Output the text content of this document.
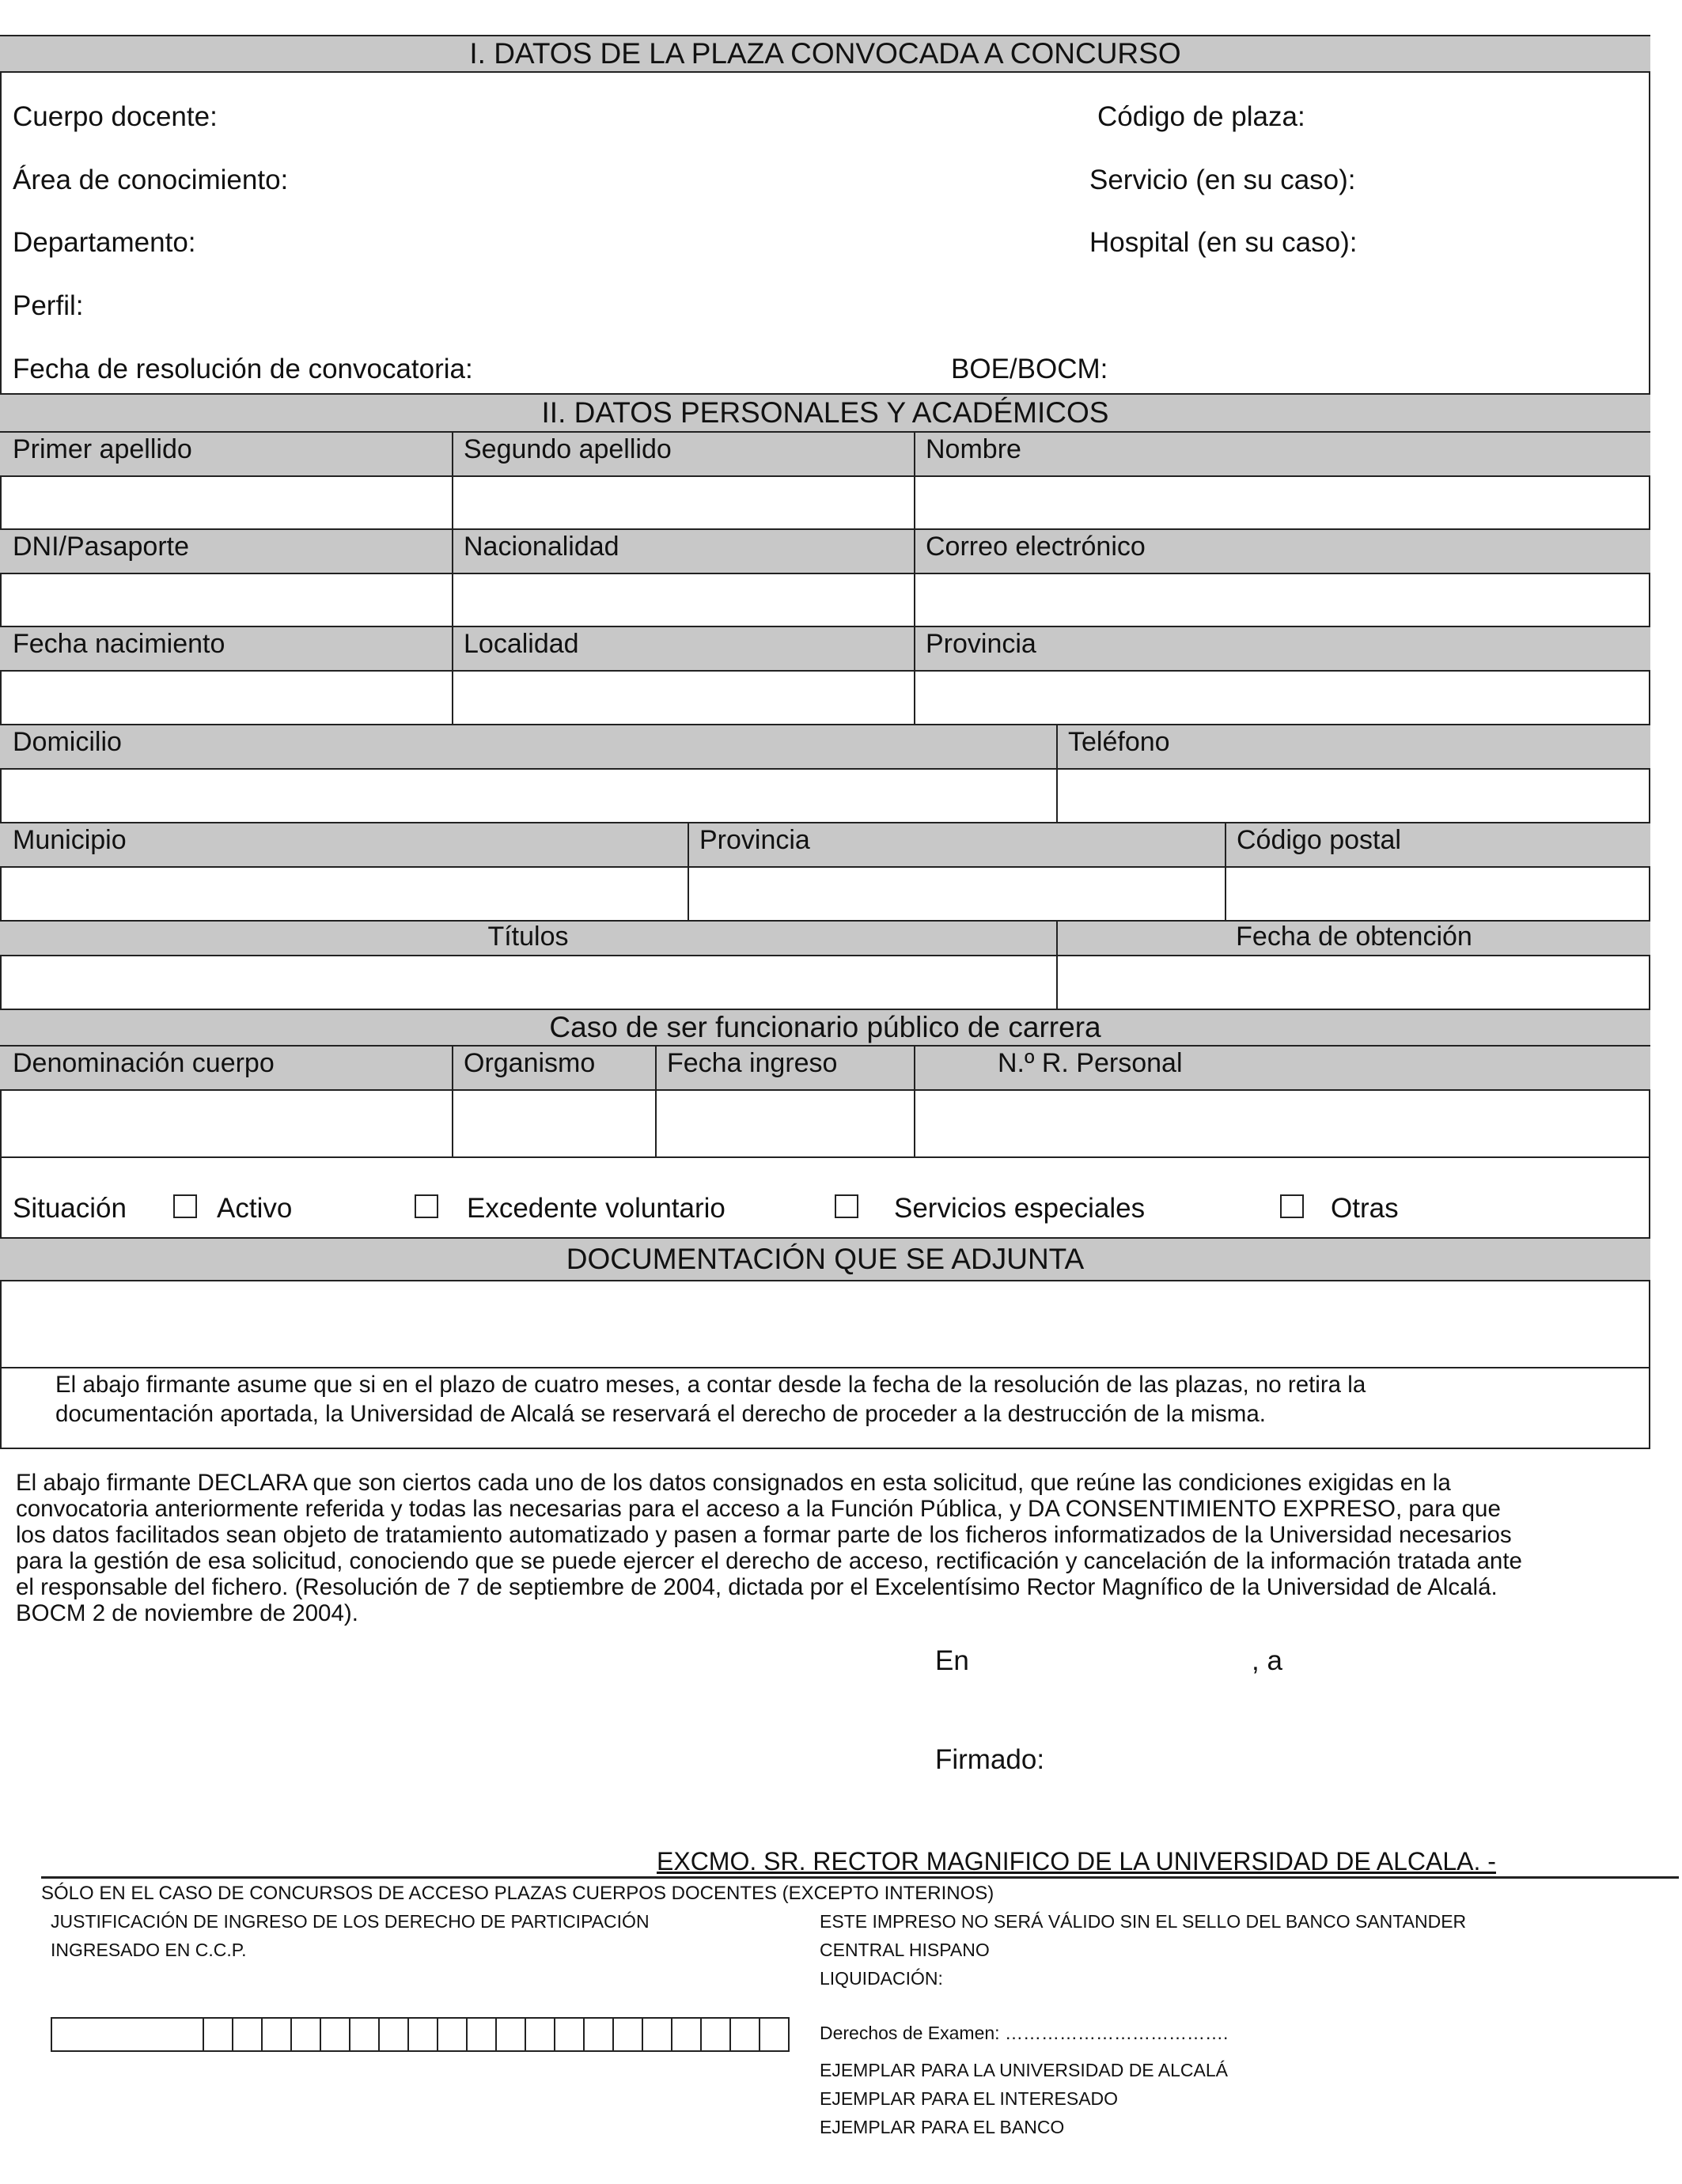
I. DATOS DE LA PLAZA CONVOCADA A CONCURSO
Cuerpo docente:	Código de plaza:
Área de conocimiento:	Servicio (en su caso):
Departamento:	Hospital (en su caso):
Perfil:
Fecha de resolución de convocatoria:	BOE/BOCM:
II. DATOS PERSONALES Y ACADÉMICOS
Primer apellido	Segundo apellido	Nombre
DNI/Pasaporte	Nacionalidad	Correo electrónico
Fecha nacimiento	Localidad	Provincia
Domicilio	Teléfono
Municipio	Provincia	Código postal
Títulos	Fecha de obtención
Caso de ser funcionario público de carrera
Denominación cuerpo	Organismo	Fecha ingreso	N.º R. Personal
Situación	Activo	Excedente voluntario	Servicios especiales	Otras
DOCUMENTACIÓN QUE SE ADJUNTA
El abajo firmante asume que si en el plazo de cuatro meses, a contar desde la fecha de la resolución de las plazas, no retira la
documentación aportada, la Universidad de Alcalá se reservará el derecho de proceder a la destrucción de la misma.
El abajo firmante DECLARA que son ciertos cada uno de los datos consignados en esta solicitud, que reúne las condiciones exigidas en la
convocatoria anteriormente referida y todas las necesarias para el acceso a la Función Pública, y DA CONSENTIMIENTO EXPRESO, para que
los datos facilitados sean objeto de tratamiento automatizado y pasen a formar parte de los ficheros informatizados de la Universidad necesarios
para la gestión de esa solicitud, conociendo que se puede ejercer el derecho de acceso, rectificación y cancelación de la información tratada ante
el responsable del fichero. (Resolución de 7 de septiembre de 2004, dictada por el Excelentísimo Rector Magnífico de la Universidad de Alcalá.
BOCM 2 de noviembre de 2004).
En	, a
Firmado:
EXCMO. SR. RECTOR MAGNIFICO DE LA UNIVERSIDAD DE ALCALA. -
SÓLO EN EL CASO DE CONCURSOS DE ACCESO PLAZAS CUERPOS DOCENTES (EXCEPTO INTERINOS)
JUSTIFICACIÓN DE INGRESO DE LOS DERECHO DE PARTICIPACIÓN
INGRESADO EN C.C.P.
ESTE IMPRESO NO SERÁ VÁLIDO SIN EL SELLO DEL BANCO SANTANDER
CENTRAL HISPANO
LIQUIDACIÓN:
Derechos de Examen: ……………………………….
EJEMPLAR PARA LA UNIVERSIDAD DE ALCALÁ
EJEMPLAR PARA EL INTERESADO
EJEMPLAR PARA EL BANCO
